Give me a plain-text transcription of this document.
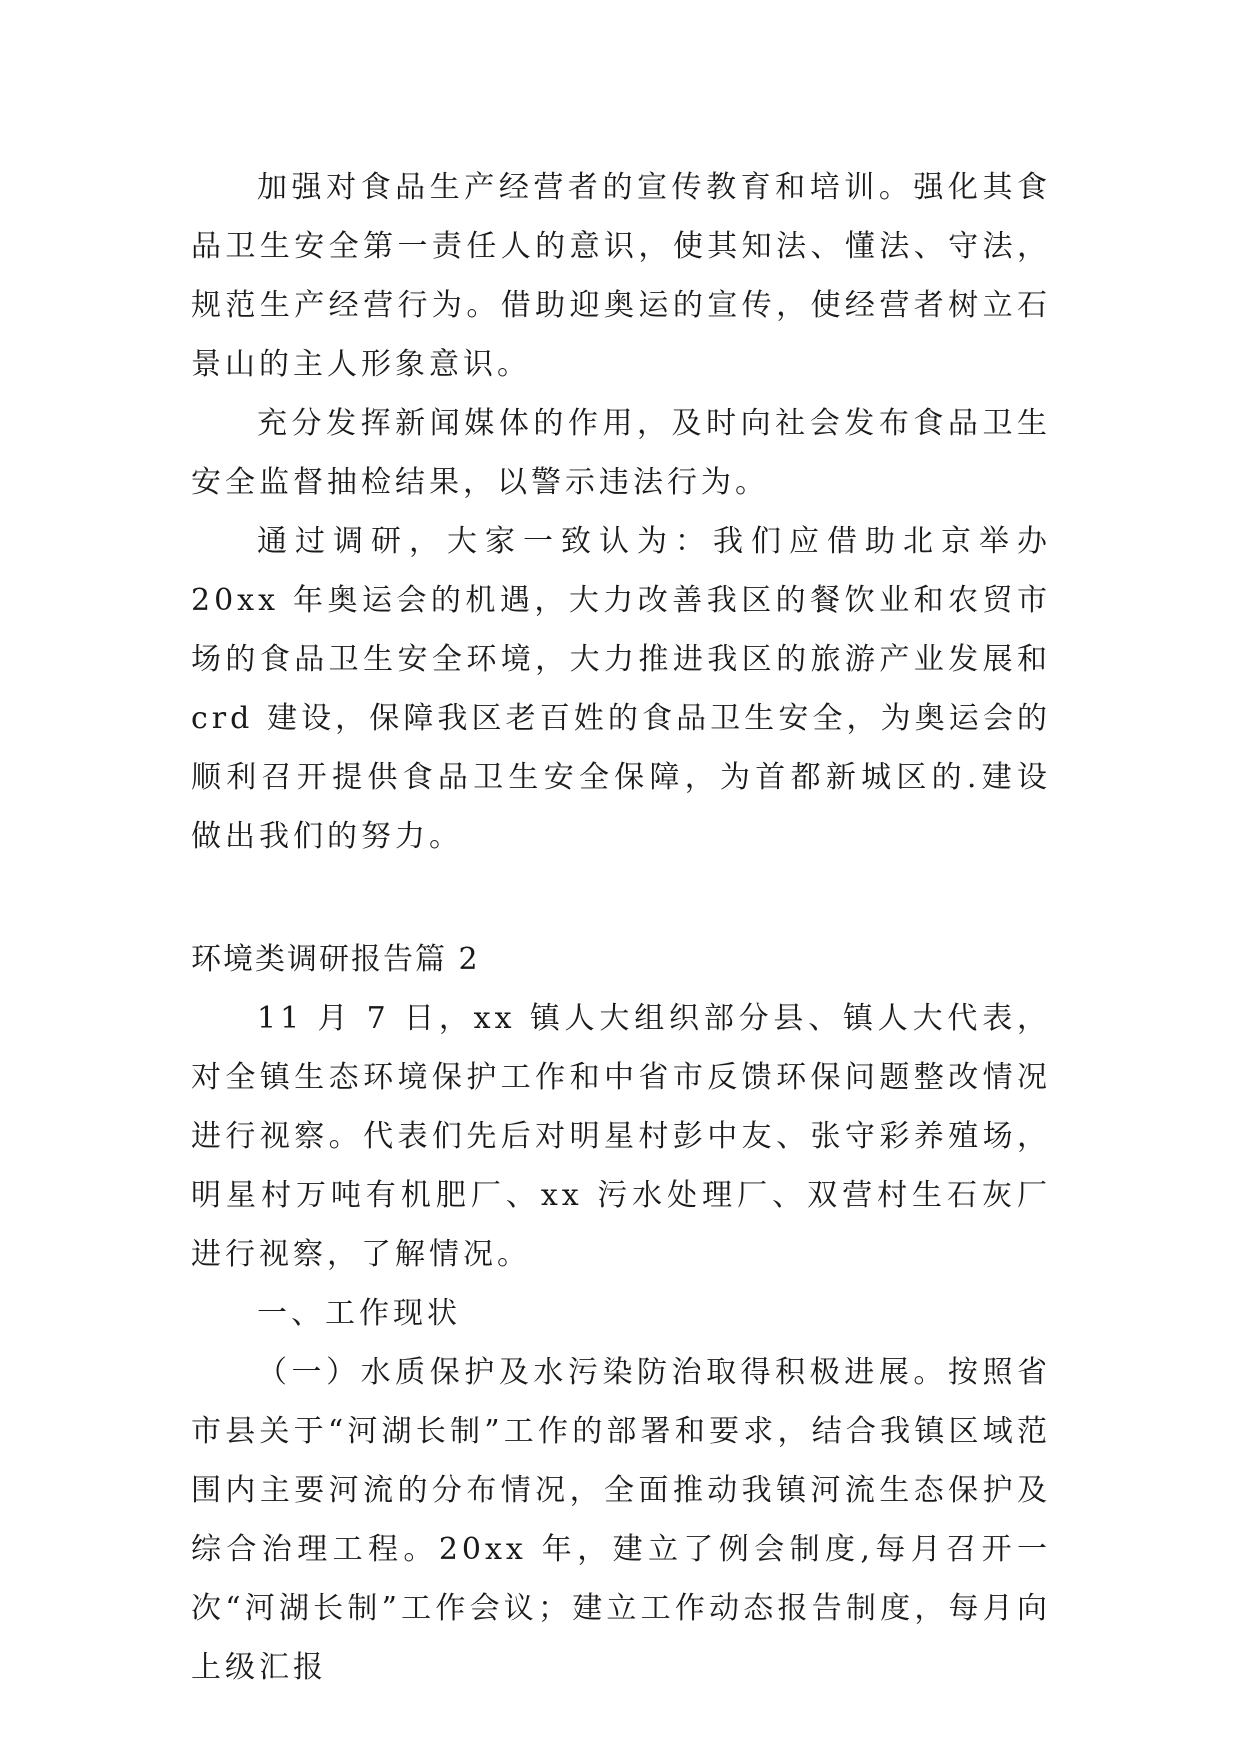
加强对食品生产经营者的宣传教育和培训。强化其食品卫生安全第一责任人的意识，使其知法、懂法、守法，规范生产经营行为。借助迎奥运的宣传，使经营者树立石景山的主人形象意识。

充分发挥新闻媒体的作用，及时向社会发布食品卫生安全监督抽检结果，以警示违法行为。

通过调研，大家一致认为：我们应借助北京举办 20xx 年奥运会的机遇，大力改善我区的餐饮业和农贸市场的食品卫生安全环境，大力推进我区的旅游产业发展和 crd 建设，保障我区老百姓的食品卫生安全，为奥运会的顺利召开提供食品卫生安全保障，为首都新城区的.建设做出我们的努力。

环境类调研报告篇 2

11 月 7 日，xx 镇人大组织部分县、镇人大代表，对全镇生态环境保护工作和中省市反馈环保问题整改情况进行视察。代表们先后对明星村彭中友、张守彩养殖场，明星村万吨有机肥厂、xx 污水处理厂、双营村生石灰厂进行视察，了解情况。

一、工作现状

（一）水质保护及水污染防治取得积极进展。按照省市县关于“河湖长制”工作的部署和要求，结合我镇区域范围内主要河流的分布情况，全面推动我镇河流生态保护及综合治理工程。20xx 年，建立了例会制度,每月召开一次“河湖长制”工作会议；建立工作动态报告制度，每月向上级汇报
